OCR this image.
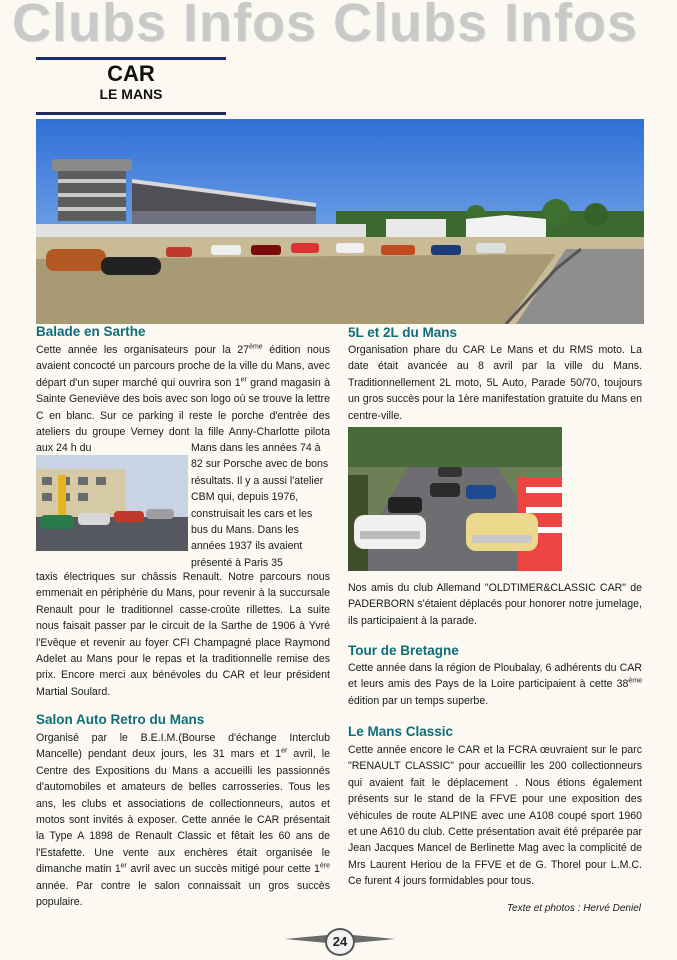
Clubs Infos Clubs Infos
CAR
LE MANS
Balade en Sarthe

Cette année les organisateurs pour la 27ème édition nous avaient concocté un parcours proche de la ville du Mans, avec départ d'un super marché qui ouvrira son 1er grand magasin à Sainte Geneviève des bois avec son logo où se trouve la lettre C en blanc. Sur ce parking il reste le porche d'entrée des ateliers du groupe Verney dont la fille Anny-Charlotte pilota aux 24 h du	Mans dans les années 74 à 82 sur Porsche avec de bons résultats. Il y a aussi l'atelier CBM qui, depuis 1976, construisait les cars et les bus du Mans. Dans les années 1937 ils avaient présenté à Paris 35

taxis électriques sur châssis Renault. Notre parcours nous emmenait en périphérie du Mans, pour revenir à la succursale Renault pour le traditionnel casse-croûte rillettes. La suite nous faisait passer par le circuit de la Sarthe de 1906 à Yvré l'Evêque et revenir au foyer CFI Champagné place Raymond Adelet au Mans pour le repas et la traditionnelle remise des prix. Encore merci aux bénévoles du CAR et leur président Martial Soulard.

Salon Auto Retro du Mans

Organisé par le B.E.I.M.(Bourse d'échange Interclub Mancelle) pendant deux jours, les 31 mars et 1er avril, le Centre des Expositions du Mans a accueilli les passionnés d'automobiles et amateurs de belles carrosseries. Tous les ans, les clubs et associations de collectionneurs, autos et motos sont invités à exposer. Cette année le CAR présentait la Type A 1898 de Renault Classic et fêtait les 60 ans de l'Estafette. Une vente aux enchères était organisée le dimanche matin 1er avril avec un succès mitigé pour cette 1ère année. Par contre le salon connaissait un gros succès populaire.

5L et 2L du Mans

Organisation phare du CAR Le Mans et du RMS moto. La date était avancée au 8 avril par la ville du Mans. Traditionnellement 2L moto, 5L Auto, Parade 50/70, toujours un gros succès pour la 1ère manifestation gratuite du Mans en centre-ville.

Nos amis du club Allemand "OLDTIMER&CLASSIC CAR" de PADERBORN s'étaient déplacés pour honorer notre jumelage, ils participaient à la parade.

Tour de Bretagne

Cette année dans la région de Ploubalay, 6 adhérents du CAR et leurs amis des Pays de la Loire participaient à cette 38ème édition par un temps superbe.

Le Mans Classic

Cette année encore le CAR et la FCRA œuvraient sur le parc "RENAULT CLASSIC" pour accueillir les 200 collectionneurs qui avaient fait le déplacement . Nous étions également présents sur le stand de la FFVE pour une exposition des véhicules de route ALPINE avec une A108 coupé sport 1960 et une A610 du club. Cette présentation avait été préparée par Jean Jacques Mancel de Berlinette Mag avec la complicité de Mrs Laurent Heriou de la FFVE et de G. Thorel pour L.M.C. Ce furent 4 jours formidables pour tous.

Texte et photos : Hervé Deniel
24
